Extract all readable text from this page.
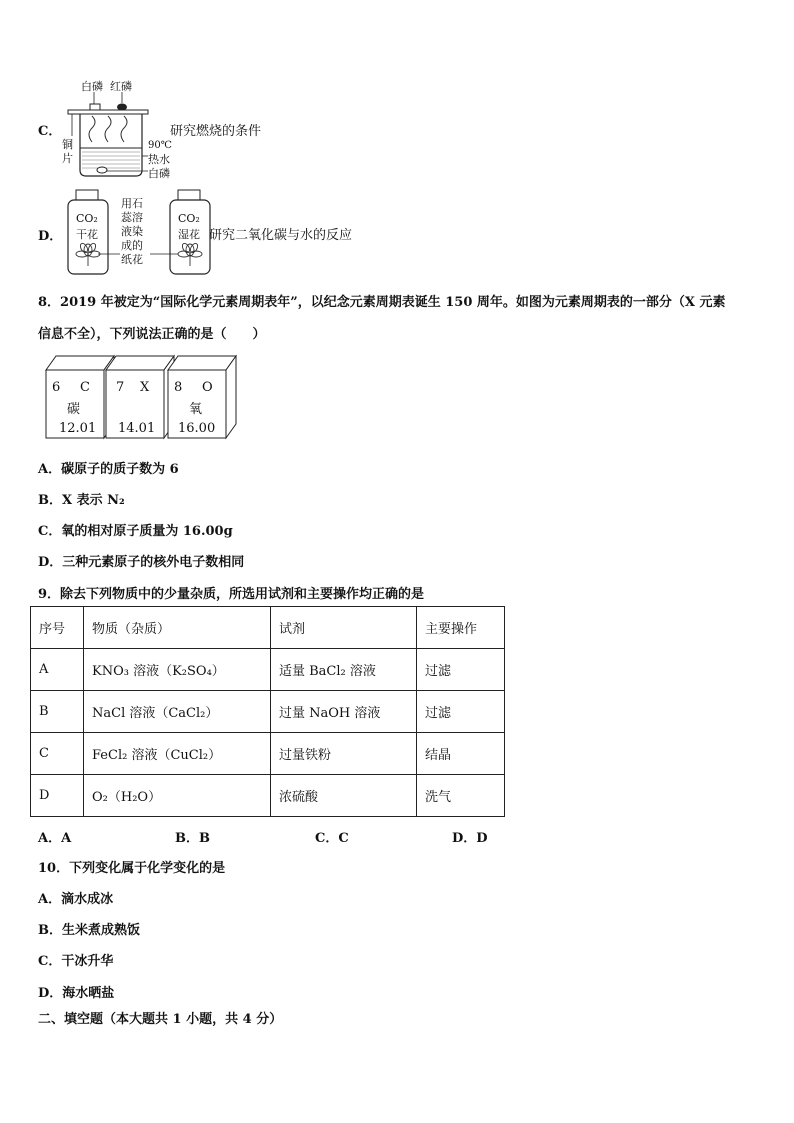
C．
白磷 红磷
铜
片
90℃
热水
白磷
研究燃烧的条件
D．
CO₂
干花
CO₂
湿花
用石
蕊溶
液染
成的
纸花
研究二氧化碳与水的反应
8．2019 年被定为“国际化学元素周期表年”，以纪念元素周期表诞生 150 周年。如图为元素周期表的一部分（X 元素
信息不全），下列说法正确的是（　　）
6 C
碳
12.01
7 X
14.01
8 O
氧
16.00
A．碳原子的质子数为 6
B．X 表示 N₂
C．氧的相对原子质量为 16.00g
D．三种元素原子的核外电子数相同
9．除去下列物质中的少量杂质，所选用试剂和主要操作均正确的是
序号	物质（杂质）	试剂	主要操作
A	KNO₃ 溶液（K₂SO₄）	适量 BaCl₂ 溶液	过滤
B	NaCl 溶液（CaCl₂）	过量 NaOH 溶液	过滤
C	FeCl₂ 溶液（CuCl₂）	过量铁粉	结晶
D	O₂（H₂O）	浓硫酸	洗气
A．A	B．B	C．C	D．D
10．下列变化属于化学变化的是
A．滴水成冰
B．生米煮成熟饭
C．干冰升华
D．海水晒盐
二、填空题（本大题共 1 小题，共 4 分）
